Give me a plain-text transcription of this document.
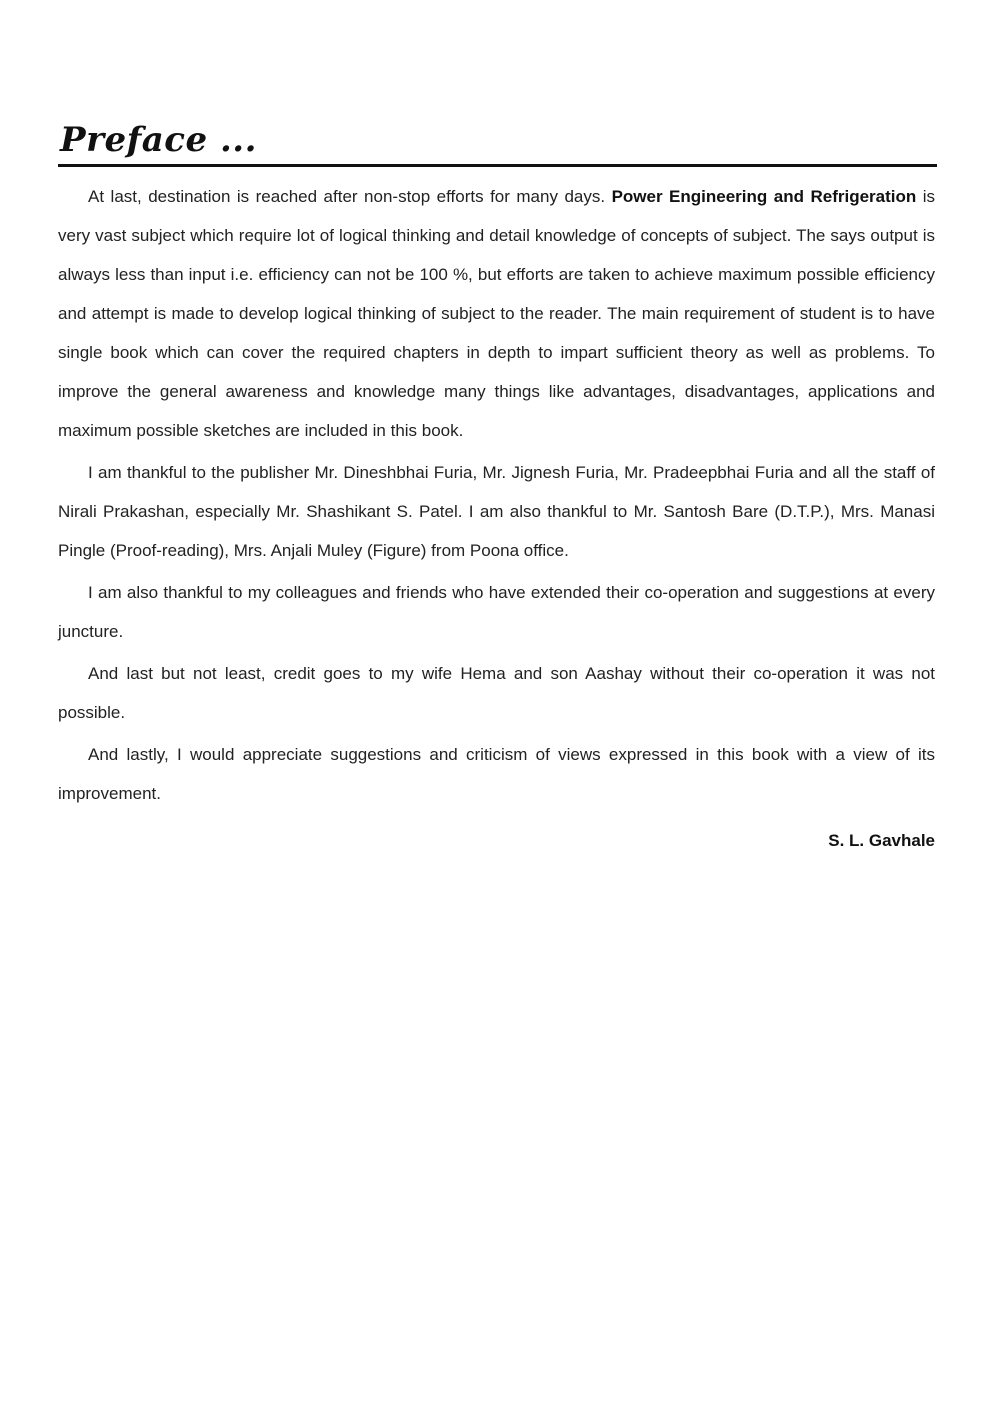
Preface ...

At last, destination is reached after non-stop efforts for many days. Power Engineering and Refrigeration is very vast subject which require lot of logical thinking and detail knowledge of concepts of subject. The says output is always less than input i.e. efficiency can not be 100 %, but efforts are taken to achieve maximum possible efficiency and attempt is made to develop logical thinking of subject to the reader. The main requirement of student is to have single book which can cover the required chapters in depth to impart sufficient theory as well as problems. To improve the general awareness and knowledge many things like advantages, disadvantages, applications and maximum possible sketches are included in this book.

I am thankful to the publisher Mr. Dineshbhai Furia, Mr. Jignesh Furia, Mr. Pradeepbhai Furia and all the staff of Nirali Prakashan, especially Mr. Shashikant S. Patel. I am also thankful to Mr. Santosh Bare (D.T.P.), Mrs. Manasi Pingle (Proof-reading), Mrs. Anjali Muley (Figure) from Poona office.

I am also thankful to my colleagues and friends who have extended their co-operation and suggestions at every juncture.

And last but not least, credit goes to my wife Hema and son Aashay without their co-operation it was not possible.

And lastly, I would appreciate suggestions and criticism of views expressed in this book with a view of its improvement.

S. L. Gavhale
